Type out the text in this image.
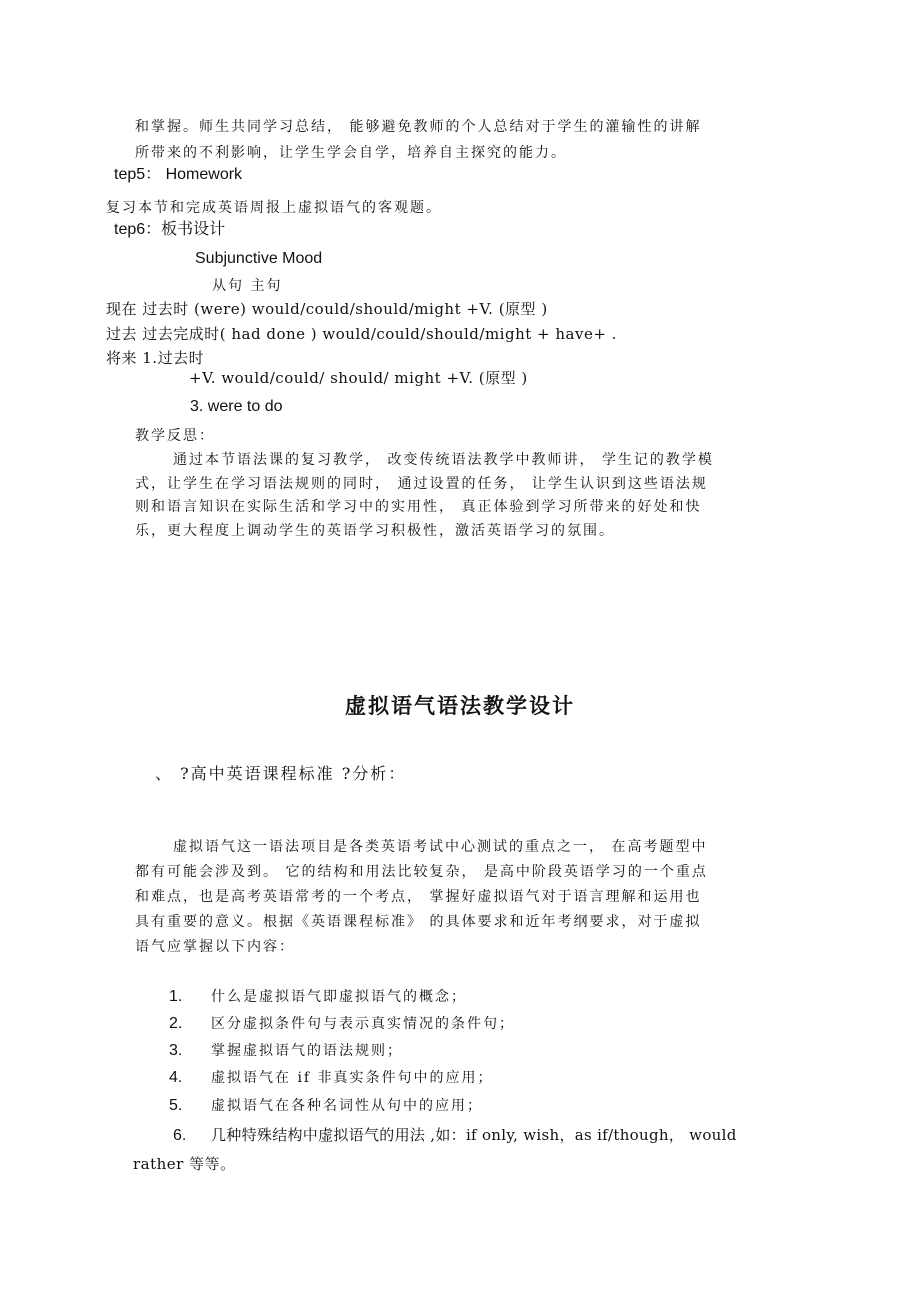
和掌握。师生共同学习总结， 能够避免教师的个人总结对于学生的灌输性的讲解
所带来的不利影响，让学生学会自学，培养自主探究的能力。
tep5： Homework
复习本节和完成英语周报上虚拟语气的客观题。
tep6：板书设计
Subjunctive Mood
从句 主句
现在 过去时 (were) would/could/should/might +V. (原型 )
过去 过去完成时( had done ) would/could/should/might + have+ .
将来 1.过去时
+V. would/could/ should/ might +V. (原型 )
3. were to do
教学反思：
通过本节语法课的复习教学， 改变传统语法教学中教师讲， 学生记的教学模
式，让学生在学习语法规则的同时， 通过设置的任务， 让学生认识到这些语法规
则和语言知识在实际生活和学习中的实用性， 真正体验到学习所带来的好处和快
乐，更大程度上调动学生的英语学习积极性，激活英语学习的氛围。
虚拟语气语法教学设计
、 ?高中英语课程标准 ?分析：
虚拟语气这一语法项目是各类英语考试中心测试的重点之一， 在高考题型中
都有可能会涉及到。 它的结构和用法比较复杂， 是高中阶段英语学习的一个重点
和难点，也是高考英语常考的一个考点， 掌握好虚拟语气对于语言理解和运用也
具有重要的意义。根据《英语课程标准》 的具体要求和近年考纲要求，对于虚拟
语气应掌握以下内容：
1. 什么是虚拟语气即虚拟语气的概念；
2. 区分虚拟条件句与表示真实情况的条件句；
3. 掌握虚拟语气的语法规则；
4. 虚拟语气在 if 非真实条件句中的应用；
5. 虚拟语气在各种名词性从句中的应用；
6. 几种特殊结构中虚拟语气的用法 ,如：if only, wish，as if/though， would
rather 等等。
